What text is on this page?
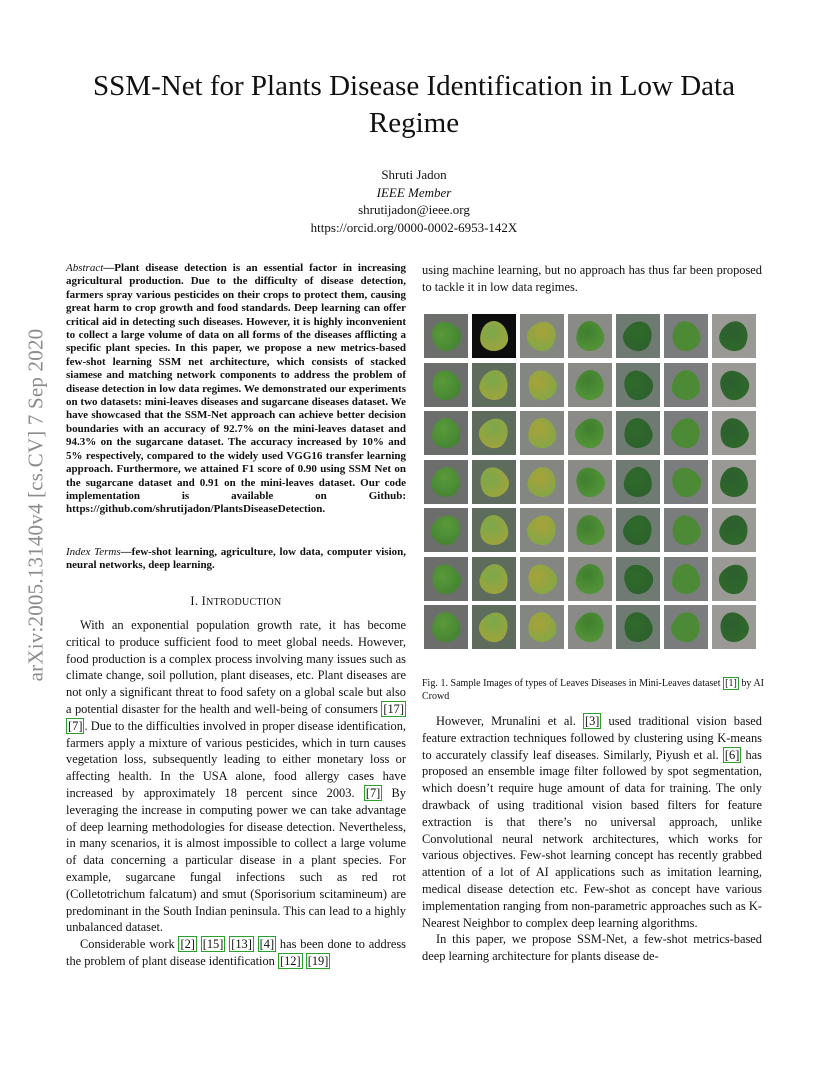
SSM-Net for Plants Disease Identification in Low Data Regime
Shruti Jadon
IEEE Member
shrutijadon@ieee.org
https://orcid.org/0000-0002-6953-142X
arXiv:2005.13140v4 [cs.CV] 7 Sep 2020

Abstract—Plant disease detection is an essential factor in increasing agricultural production. Due to the difficulty of disease detection, farmers spray various pesticides on their crops to protect them, causing great harm to crop growth and food standards. Deep learning can offer critical aid in detecting such diseases. However, it is highly inconvenient to collect a large volume of data on all forms of the diseases afflicting a specific plant species. In this paper, we propose a new metrics-based few-shot learning SSM net architecture, which consists of stacked siamese and matching network components to address the problem of disease detection in low data regimes. We demonstrated our experiments on two datasets: mini-leaves diseases and sugarcane diseases dataset. We have showcased that the SSM-Net approach can achieve better decision boundaries with an accuracy of 92.7% on the mini-leaves dataset and 94.3% on the sugarcane dataset. The accuracy increased by 10% and 5% respectively, compared to the widely used VGG16 transfer learning approach. Furthermore, we attained F1 score of 0.90 using SSM Net on the sugarcane dataset and 0.91 on the mini-leaves dataset. Our code implementation is available on Github: https://github.com/shrutijadon/PlantsDiseaseDetection.

Index Terms—few-shot learning, agriculture, low data, computer vision, neural networks, deep learning.

I. INTRODUCTION

With an exponential population growth rate, it has become critical to produce sufficient food to meet global needs. However, food production is a complex process involving many issues such as climate change, soil pollution, plant diseases, etc. Plant diseases are not only a significant threat to food safety on a global scale but also a potential disaster for the health and well-being of consumers [17] [7] . Due to the difficulties involved in proper disease identification, farmers apply a mixture of various pesticides, which in turn causes vegetation loss, subsequently leading to either monetary loss or affecting health. In the USA alone, food allergy cases have increased by approximately 18 percent since 2003. [7] By leveraging the increase in computing power we can take advantage of deep learning methodologies for disease detection. Nevertheless, in many scenarios, it is almost impossible to collect a large volume of data concerning a particular disease in a plant species. For example, sugarcane fungal infections such as red rot (Colletotrichum falcatum) and smut (Sporisorium scitamineum) are predominant in the South Indian peninsula. This can lead to a highly unbalanced dataset.

Considerable work [2] [15] [13] [4] has been done to address the problem of plant disease identification [12] [19]

using machine learning, but no approach has thus far been proposed to tackle it in low data regimes.

Fig. 1. Sample Images of types of Leaves Diseases in Mini-Leaves dataset [1] by AI Crowd

However, Mrunalini et al. [3] used traditional vision based feature extraction techniques followed by clustering using K-means to accurately classify leaf diseases. Similarly, Piyush et al. [6] has proposed an ensemble image filter followed by spot segmentation, which doesn’t require huge amount of data for training. The only drawback of using traditional vision based filters for feature extraction is that there’s no universal approach, unlike Convolutional neural network architectures, which works for various objectives. Few-shot learning concept has recently grabbed attention of a lot of AI applications such as imitation learning, medical disease detection etc. Few-shot as concept have various implementation ranging from non-parametric approaches such as K-Nearest Neighbor to complex deep learning algorithms.

In this paper, we propose SSM-Net, a few-shot metrics-based deep learning architecture for plants disease de-
